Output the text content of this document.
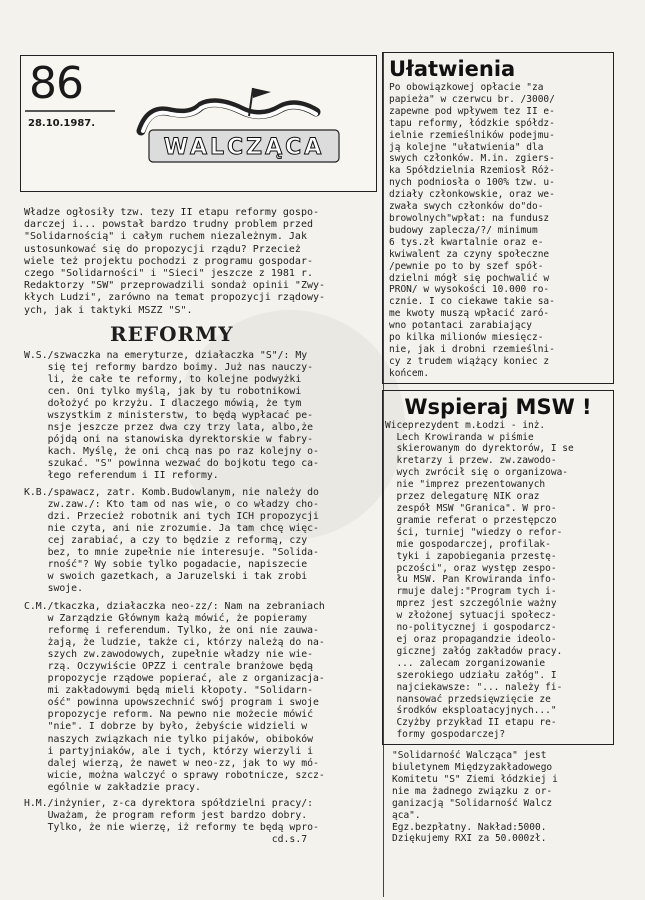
86
28.10.1987.
WALCZĄCA
Władze ogłosiły tzw. tezy II etapu reformy gospo-
darczej i... powstał bardzo trudny problem przed
"Solidarnością" i całym ruchem niezależnym. Jak
ustosunkować się do propozycji rządu? Przecież
wiele też projektu pochodzi z programu gospodar-
czego "Solidarności" i "Sieci" jeszcze z 1981 r.
Redaktorzy "SW" przeprowadzili sondaż opinii "Zwy-
kłych Ludzi", zarówno na temat propozycji rządowy-
ych, jak i taktyki MSZZ "S".
REFORMY
W.S./szwaczka na emeryturze, działaczka "S"/: My
się tej reformy bardzo boimy. Już nas nauczy-
li, że całe te reformy, to kolejne podwyżki
cen. Oni tylko myślą, jak by tu robotnikowi
dołożyć po krzyżu. I dlaczego mówią, że tym
wszystkim z ministerstw, to będą wypłacać pe-
nsje jeszcze przez dwa czy trzy lata, albo,że
pójdą oni na stanowiska dyrektorskie w fabry-
kach. Myślę, że oni chcą nas po raz kolejny o-
szukać. "S" powinna wezwać do bojkotu tego ca-
łego referendum i II reformy.
K.B./spawacz, zatr. Komb.Budowlanym, nie należy do
zw.zaw./: Kto tam od nas wie, o co władzy cho-
dzi. Przecież robotnik ani tych ICH propozycji
nie czyta, ani nie zrozumie. Ja tam chcę więc-
cej zarabiać, a czy to będzie z reformą, czy
bez, to mnie zupełnie nie interesuje. "Solida-
rność"? Wy sobie tylko pogadacie, napiszecie
w swoich gazetkach, a Jaruzelski i tak zrobi
swoje.
C.M./tkaczka, działaczka neo-zz/: Nam na zebraniach
w Zarządzie Głównym każą mówić, że popieramy
reformę i referendum. Tylko, że oni nie zauwa-
żają, że ludzie, także ci, którzy należą do na-
szych zw.zawodowych, zupełnie władzy nie wie-
rzą. Oczywiście OPZZ i centrale branżowe będą
propozycje rządowe popierać, ale z organizacja-
mi zakładowymi będą mieli kłopoty. "Solidarn-
ość" powinna upowszechnić swój program i swoje
propozycje reform. Na pewno nie możecie mówić
"nie". I dobrze by było, żebyście widzieli w
naszych związkach nie tylko pijaków, obiboków
i partyjniaków, ale i tych, którzy wierzyli i
dalej wierzą, że nawet w neo-zz, jak to wy mó-
wicie, można walczyć o sprawy robotnicze, szcz-
ególnie w zakładzie pracy.
H.M./inżynier, z-ca dyrektora spółdzielni pracy/:
Uważam, że program reform jest bardzo dobry.
Tylko, że nie wierzę, iż reformy te będą wpro-
cd.s.7
Ułatwienia
Po obowiązkowej opłacie "za
papieża" w czerwcu br. /3000/
zapewne pod wpływem tez II e-
tapu reformy, łódzkie spółdz-
ielnie rzemieślników podejmu-
ją kolejne "ułatwienia" dla
swych członków. M.in. zgiers-
ka Spółdzielnia Rzemiosł Róż-
nych podniosła o 100% tzw. u-
działy członkowskie, oraz we-
zwała swych członków do"do-
browolnych"wpłat: na fundusz
budowy zaplecza/?/ minimum
6 tys.zł kwartalnie oraz e-
kwiwalent za czyny społeczne
/pewnie po to by szef spół-
dzielni mógł się pochwalić w
PRON/ w wysokości 10.000 ro-
cznie. I co ciekawe takie sa-
me kwoty muszą wpłacić zaró-
wno potantaci zarabiający
po kilka milionów miesięcz-
nie, jak i drobni rzemieślni-
cy z trudem wiążący koniec z
końcem.
Wspieraj MSW !
Wiceprezydent m.Łodzi - inż.
Lech Krowiranda w piśmie
skierowanym do dyrektorów, I se
kretarzy i przew. zw.zawodo-
wych zwrócił się o organizowa-
nie "imprez prezentowanych
przez delegaturę NIK oraz
zespół MSW "Granica". W pro-
gramie referat o przestępczo
ści, turniej "wiedzy o refor-
mie gospodarczej, profilak-
tyki i zapobiegania przestę-
pczości", oraz występ zespo-
łu MSW. Pan Krowiranda info-
rmuje dalej:"Program tych i-
mprez jest szczególnie ważny
w złożonej sytuacji społecz-
no-politycznej i gospodarcz-
ej oraz propagandzie ideolo-
gicznej załóg zakładów pracy.
... zalecam zorganizowanie
szerokiego udziału załóg". I
najciekawsze: "... należy fi-
nansować przedsięwzięcie ze
środków eksploatacyjnych..."
Czyżby przykład II etapu re-
formy gospodarczej?
"Solidarność Walcząca" jest
biuletynem Międzyzakładowego
Komitetu "S" Ziemi łódzkiej i
nie ma żadnego związku z or-
ganizacją "Solidarność Walcz
ąca".
Egz.bezpłatny. Nakład:5000.
Dziękujemy RXI za 50.000zł.
